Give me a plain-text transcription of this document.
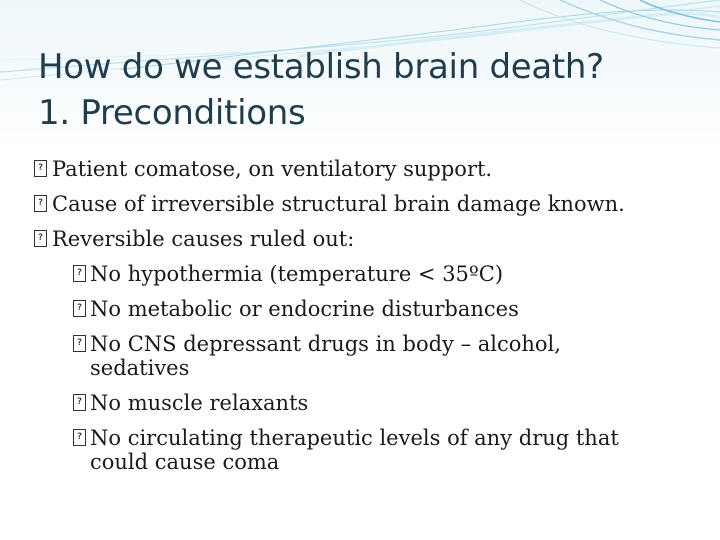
How do we establish brain death?
1. Preconditions
?
Patient comatose, on ventilatory support.
?
Cause of irreversible structural brain damage known.
?
Reversible causes ruled out:
?
No hypothermia (temperature < 35ºC)
?
No metabolic or endocrine disturbances
?
No CNS depressant drugs in body – alcohol,
sedatives
?
No muscle relaxants
?
No circulating therapeutic levels of any drug that
could cause coma
